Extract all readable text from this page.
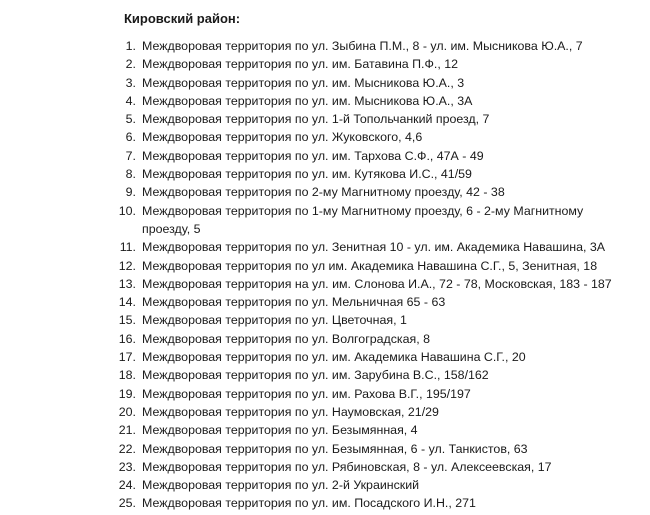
Кировский район:
1. Междворовая территория по ул. Зыбина П.М., 8 - ул. им. Мысникова Ю.А., 7
2. Междворовая территория по ул. им. Батавина П.Ф., 12
3. Междворовая территория по ул. им. Мысникова Ю.А., 3
4. Междворовая территория по ул. им. Мысникова Ю.А., 3А
5. Междворовая территория по ул. 1-й Топольчанкий проезд, 7
6. Междворовая территория по ул. Жуковского, 4,6
7. Междворовая территория по ул. им. Тархова С.Ф., 47А - 49
8. Междворовая территория по ул. им. Кутякова И.С., 41/59
9. Междворовая территория по 2-му Магнитному проезду, 42 - 38
10. Междворовая территория по 1-му Магнитному проезду, 6 - 2-му Магнитному проезду, 5
11. Междворовая территория по ул. Зенитная 10 - ул. им. Академика Навашина, 3А
12. Междворовая территория по ул им. Академика Навашина С.Г., 5, Зенитная, 18
13. Междворовая территория на ул. им. Слонова И.А., 72 - 78, Московская, 183 - 187
14. Междворовая территория по ул. Мельничная 65 - 63
15. Междворовая территория по ул. Цветочная, 1
16. Междворовая территория по ул. Волгоградская, 8
17. Междворовая территория по ул. им. Академика Навашина С.Г., 20
18. Междворовая территория по ул. им. Зарубина В.С., 158/162
19. Междворовая территория по ул. им. Рахова В.Г., 195/197
20. Междворовая территория по ул. Наумовская, 21/29
21. Междворовая территория по ул. Безымянная, 4
22. Междворовая территория по ул. Безымянная, 6 - ул. Танкистов, 63
23. Междворовая территория по ул. Рябиновская, 8 - ул. Алексеевская, 17
24. Междворовая территория по ул. 2-й Украинский
25. Междворовая территория по ул. им. Посадского И.Н., 271
